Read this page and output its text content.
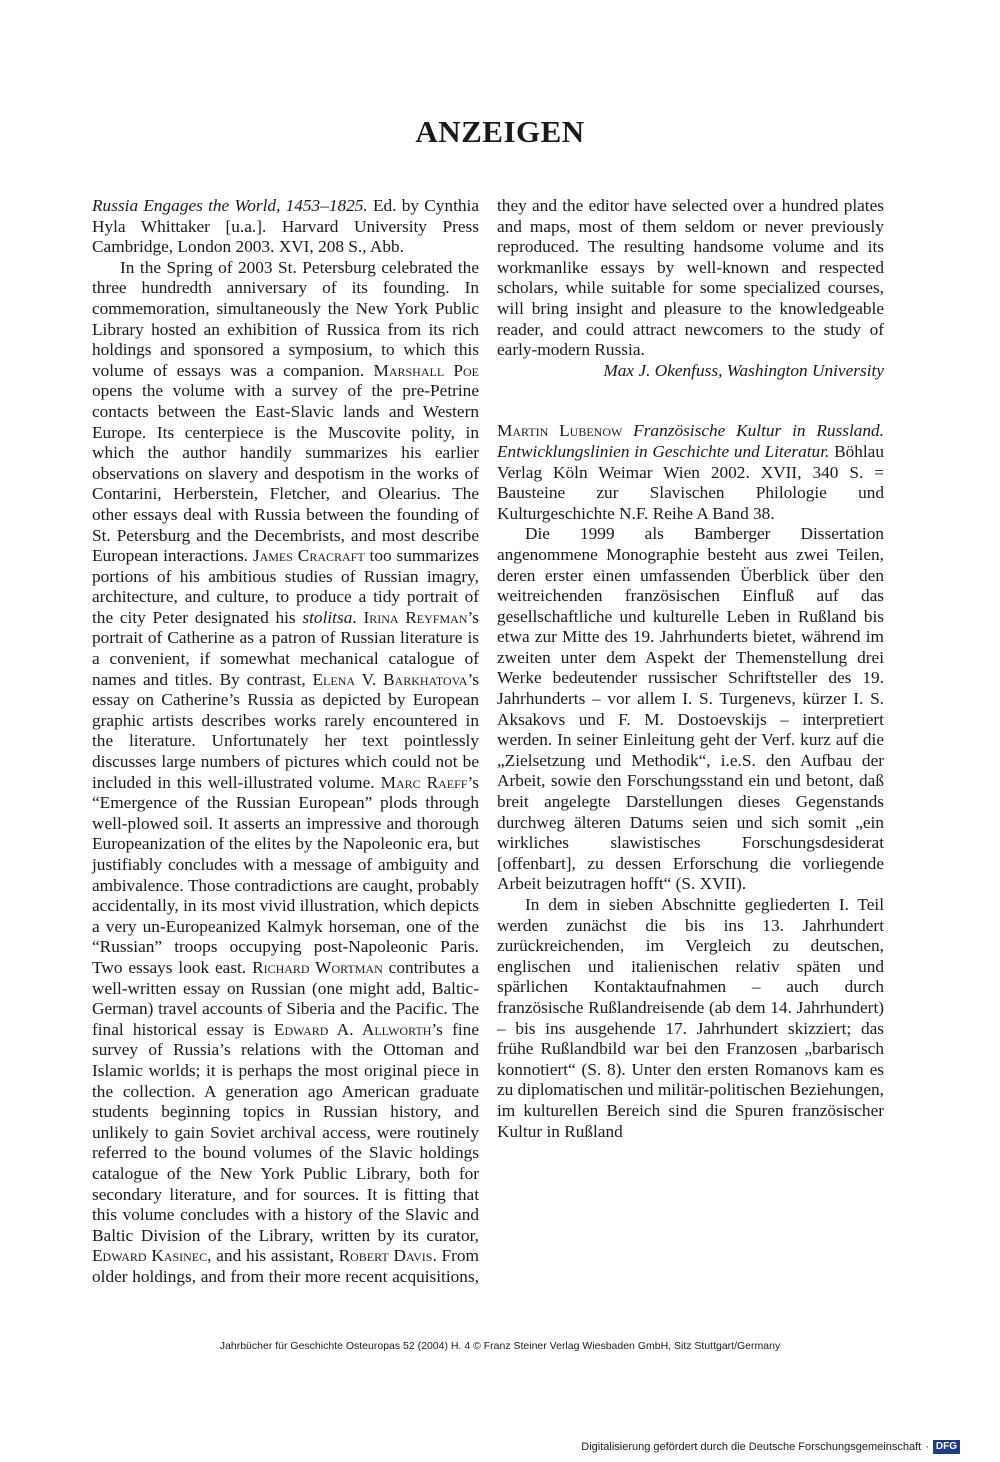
ANZEIGEN

Russia Engages the World, 1453–1825. Ed. by Cynthia Hyla Whittaker [u.a.]. Harvard University Press Cambridge, London 2003. XVI, 208 S., Abb.

In the Spring of 2003 St. Petersburg celebrated the three hundredth anniversary of its founding. In commemoration, simultaneously the New York Public Library hosted an exhibition of Russica from its rich holdings and sponsored a symposium, to which this volume of essays was a companion. Marshall Poe opens the volume with a survey of the pre-Petrine contacts between the East-Slavic lands and Western Europe. Its centerpiece is the Muscovite polity, in which the author handily summarizes his earlier observations on slavery and despotism in the works of Contarini, Herberstein, Fletcher, and Olearius. The other essays deal with Russia between the founding of St. Petersburg and the Decembrists, and most describe European interactions. James Cracraft too summarizes portions of his ambitious studies of Russian imagry, architecture, and culture, to produce a tidy portrait of the city Peter designated his stolitsa. Irina Reyfman’s portrait of Catherine as a patron of Russian literature is a convenient, if somewhat mechanical catalogue of names and titles. By contrast, Elena V. Barkhatova’s essay on Catherine’s Russia as depicted by European graphic artists describes works rarely encountered in the literature. Unfortunately her text pointlessly discusses large numbers of pictures which could not be included in this well-illustrated volume. Marc Raeff’s “Emergence of the Russian European” plods through well-plowed soil. It asserts an impressive and thorough Europeanization of the elites by the Napoleonic era, but justifiably concludes with a message of ambiguity and ambivalence. Those contradictions are caught, probably accidentally, in its most vivid illustration, which depicts a very un-Europeanized Kalmyk horseman, one of the “Russian” troops occupying post-Napoleonic Paris. Two essays look east. Richard Wortman contributes a well-written essay on Russian (one might add, Baltic-German) travel accounts of Siberia and the Pacific. The final historical essay is Edward A. Allworth’s fine survey of Russia’s relations with the Ottoman and Islamic worlds; it is perhaps the most original piece in the collection. A generation ago American graduate students beginning topics in Russian history, and unlikely to gain Soviet archival access, were routinely referred to the bound volumes of the Slavic holdings catalogue of the New York Public Library, both for secondary literature, and for sources. It is fitting that this volume concludes with a history of the Slavic and Baltic Division of the Library, written by its curator, Edward Kasinec, and his assistant, Robert Davis. From older holdings, and from their more recent acquisitions, they and the editor have selected over a hundred plates and maps, most of them seldom or never previously reproduced. The resulting handsome volume and its workmanlike essays by well-known and respected scholars, while suitable for some specialized courses, will bring insight and pleasure to the knowledgeable reader, and could attract newcomers to the study of early-modern Russia.

Max J. Okenfuss, Washington University

Martin Lubenow Französische Kultur in Russland. Entwicklungslinien in Geschichte und Literatur. Böhlau Verlag Köln Weimar Wien 2002. XVII, 340 S. = Bausteine zur Slavischen Philologie und Kulturgeschichte N.F. Reihe A Band 38.

Die 1999 als Bamberger Dissertation angenommene Monographie besteht aus zwei Teilen, deren erster einen umfassenden Überblick über den weitreichenden französischen Einfluß auf das gesellschaftliche und kulturelle Leben in Rußland bis etwa zur Mitte des 19. Jahrhunderts bietet, während im zweiten unter dem Aspekt der Themenstellung drei Werke bedeutender russischer Schriftsteller des 19. Jahrhunderts – vor allem I. S. Turgenevs, kürzer I. S. Aksakovs und F. M. Dostoevskijs – interpretiert werden. In seiner Einleitung geht der Verf. kurz auf die „Zielsetzung und Methodik“, i.e.S. den Aufbau der Arbeit, sowie den Forschungsstand ein und betont, daß breit angelegte Darstellungen dieses Gegenstands durchweg älteren Datums seien und sich somit „ein wirkliches slawistisches Forschungsdesiderat [offenbart], zu dessen Erforschung die vorliegende Arbeit beizutragen hofft“ (S. XVII).

In dem in sieben Abschnitte gegliederten I. Teil werden zunächst die bis ins 13. Jahrhundert zurückreichenden, im Vergleich zu deutschen, englischen und italienischen relativ späten und spärlichen Kontaktaufnahmen – auch durch französische Rußlandreisende (ab dem 14. Jahrhundert) – bis ins ausgehende 17. Jahrhundert skizziert; das frühe Rußlandbild war bei den Franzosen „barbarisch konnotiert“ (S. 8). Unter den ersten Romanovs kam es zu diplomatischen und militär-politischen Beziehungen, im kulturellen Bereich sind die Spuren französischer Kultur in Rußland

Jahrbücher für Geschichte Osteuropas 52 (2004) H. 4 © Franz Steiner Verlag Wiesbaden GmbH, Sitz Stuttgart/Germany
Digitalisierung gefördert durch die Deutsche Forschungsgemeinschaft · DFG
